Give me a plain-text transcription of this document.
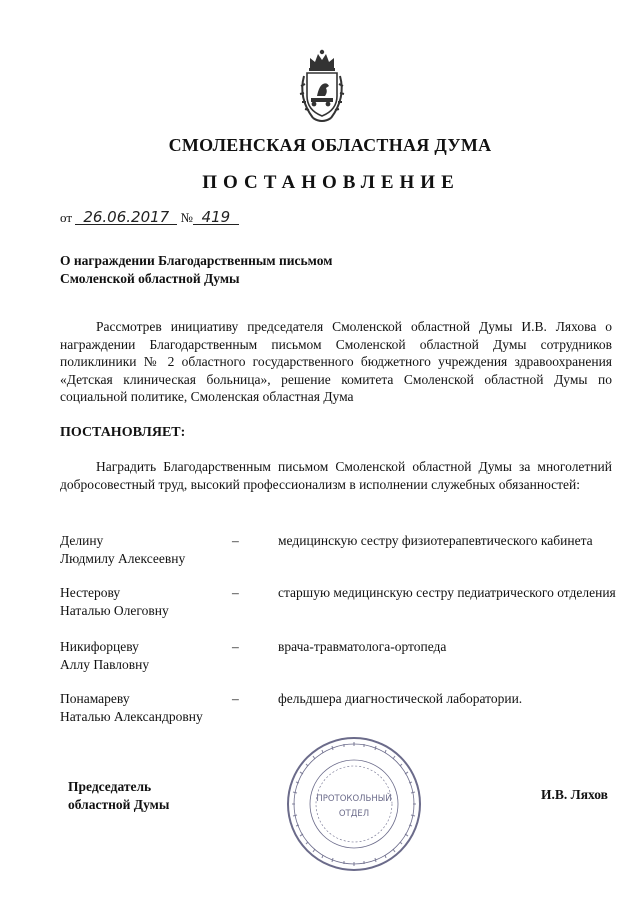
СМОЛЕНСКАЯ ОБЛАСТНАЯ ДУМА
ПОСТАНОВЛЕНИЕ
от 26.06.2017 № 419
О награждении Благодарственным письмом
Смоленской областной Думы
Рассмотрев инициативу председателя Смоленской областной Думы И.В. Ляхова о награждении Благодарственным письмом Смоленской областной Думы сотрудников поликлиники № 2 областного государственного бюджетного учреждения здравоохранения «Детская клиническая больница», решение комитета Смоленской областной Думы по социальной политике, Смоленская областная Дума
ПОСТАНОВЛЯЕТ:
Наградить Благодарственным письмом Смоленской областной Думы за многолетний добросовестный труд, высокий профессионализм в исполнении служебных обязанностей:
Делину
Людмилу Алексеевну
–	медицинскую сестру физиотерапевтического кабинета
Нестерову
Наталью Олеговну
–	старшую медицинскую сестру педиатрического отделения
Никифорцеву
Аллу Павловну
–	врача-травматолога-ортопеда
Понамареву
Наталью Александровну
–	фельдшера диагностической лаборатории.
Председатель
областной Думы	ПРОТОКОЛЬНЫЙ
ОТДЕЛ
И.В. Ляхов
